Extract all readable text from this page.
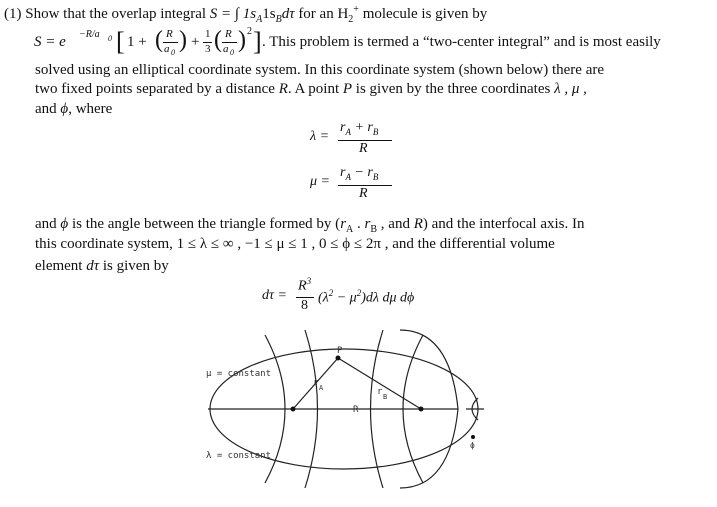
(1) Show that the overlap integral S = ∫ $1s_A1s_Bd\tau$ for an $H_2^+$ molecule is given by
S = e −R/a 0 [ 1 + ( R
a 0 ) + 1
3 ( R
a 0 ) 2 ] . This problem is termed a “two-center integral” and is most easily
solved using an elliptical coordinate system. In this coordinate system (shown below) there are
two fixed points separated by a distance R. A point P is given by the three coordinates λ , μ ,
and ϕ, where
λ =
$r_A + r_B$
R
μ =
$r_A - r_B$
R
and ϕ is the angle between the triangle formed by ($r_A$ . $r_B$ , and R) and the interfocal axis. In
this coordinate system, 1 ≤ λ ≤ ∞ , −1 ≤ μ ≤ 1 , 0 ≤ ϕ ≤ 2π , and the differential volume
element dτ is given by
dτ =
$R^3$
8 $(\lambda^2 - \mu^2)d\lambda$ dμ dϕ
μ = constant
λ = constant
P
r A	r B
R
ϕ
